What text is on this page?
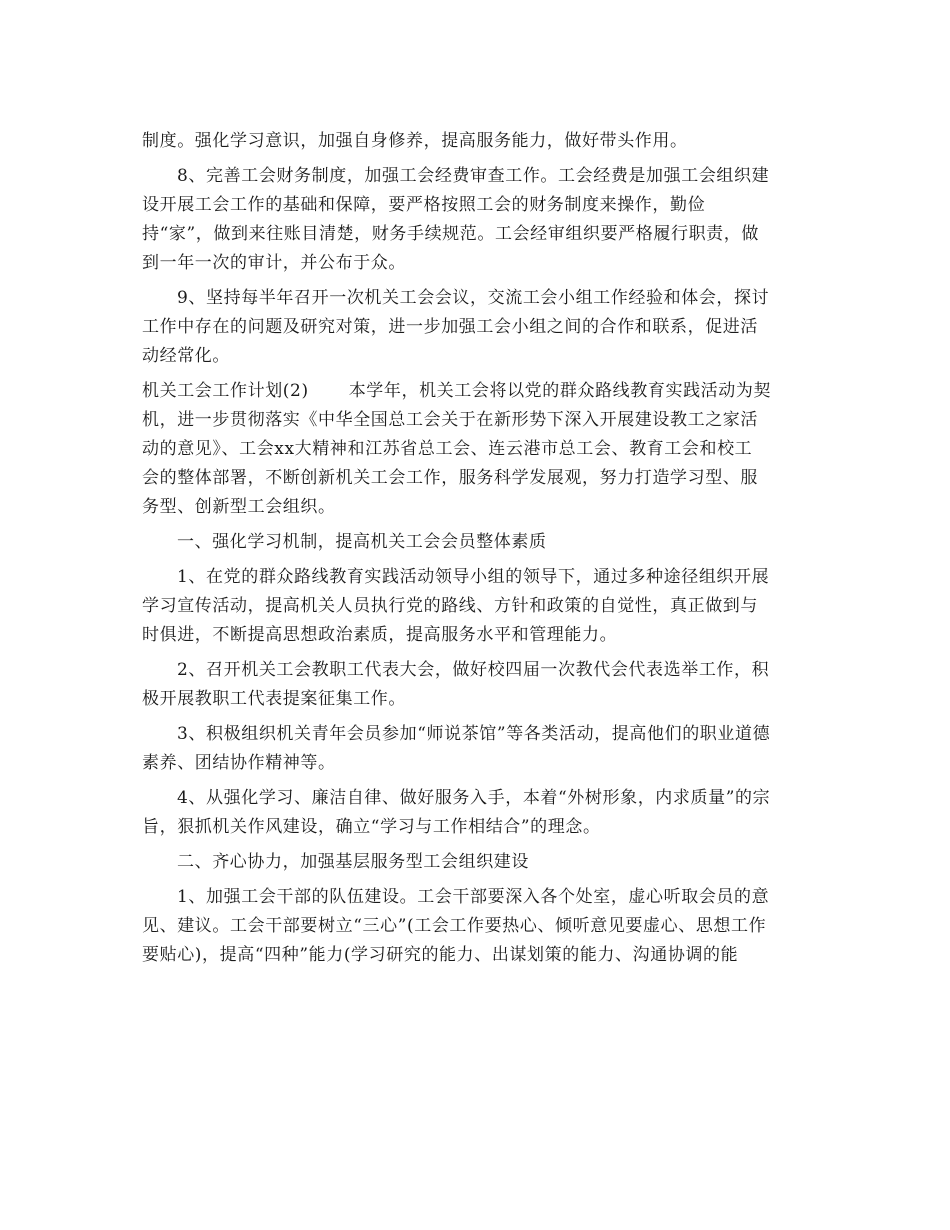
制度。强化学习意识，加强自身修养，提高服务能力，做好带头作用。

8、完善工会财务制度，加强工会经费审查工作。工会经费是加强工会组织建
设开展工会工作的基础和保障，要严格按照工会的财务制度来操作，勤俭
持“家”，做到来往账目清楚，财务手续规范。工会经审组织要严格履行职责，做
到一年一次的审计，并公布于众。

9、坚持每半年召开一次机关工会会议，交流工会小组工作经验和体会，探讨
工作中存在的问题及研究对策，进一步加强工会小组之间的合作和联系，促进活
动经常化。

机关工会工作计划(2) 本学年，机关工会将以党的群众路线教育实践活动为契
机，进一步贯彻落实《中华全国总工会关于在新形势下深入开展建设教工之家活
动的意见》、工会xx大精神和江苏省总工会、连云港市总工会、教育工会和校工
会的整体部署，不断创新机关工会工作，服务科学发展观，努力打造学习型、服
务型、创新型工会组织。

一、强化学习机制，提高机关工会会员整体素质

1、在党的群众路线教育实践活动领导小组的领导下，通过多种途径组织开展
学习宣传活动，提高机关人员执行党的路线、方针和政策的自觉性，真正做到与
时俱进，不断提高思想政治素质，提高服务水平和管理能力。

2、召开机关工会教职工代表大会，做好校四届一次教代会代表选举工作，积
极开展教职工代表提案征集工作。

3、积极组织机关青年会员参加“师说茶馆”等各类活动，提高他们的职业道德
素养、团结协作精神等。

4、从强化学习、廉洁自律、做好服务入手，本着“外树形象，内求质量”的宗
旨，狠抓机关作风建设，确立“学习与工作相结合”的理念。

二、齐心协力，加强基层服务型工会组织建设

1、加强工会干部的队伍建设。工会干部要深入各个处室，虚心听取会员的意
见、建议。工会干部要树立“三心”(工会工作要热心、倾听意见要虚心、思想工作
要贴心)，提高“四种”能力(学习研究的能力、出谋划策的能力、沟通协调的能
